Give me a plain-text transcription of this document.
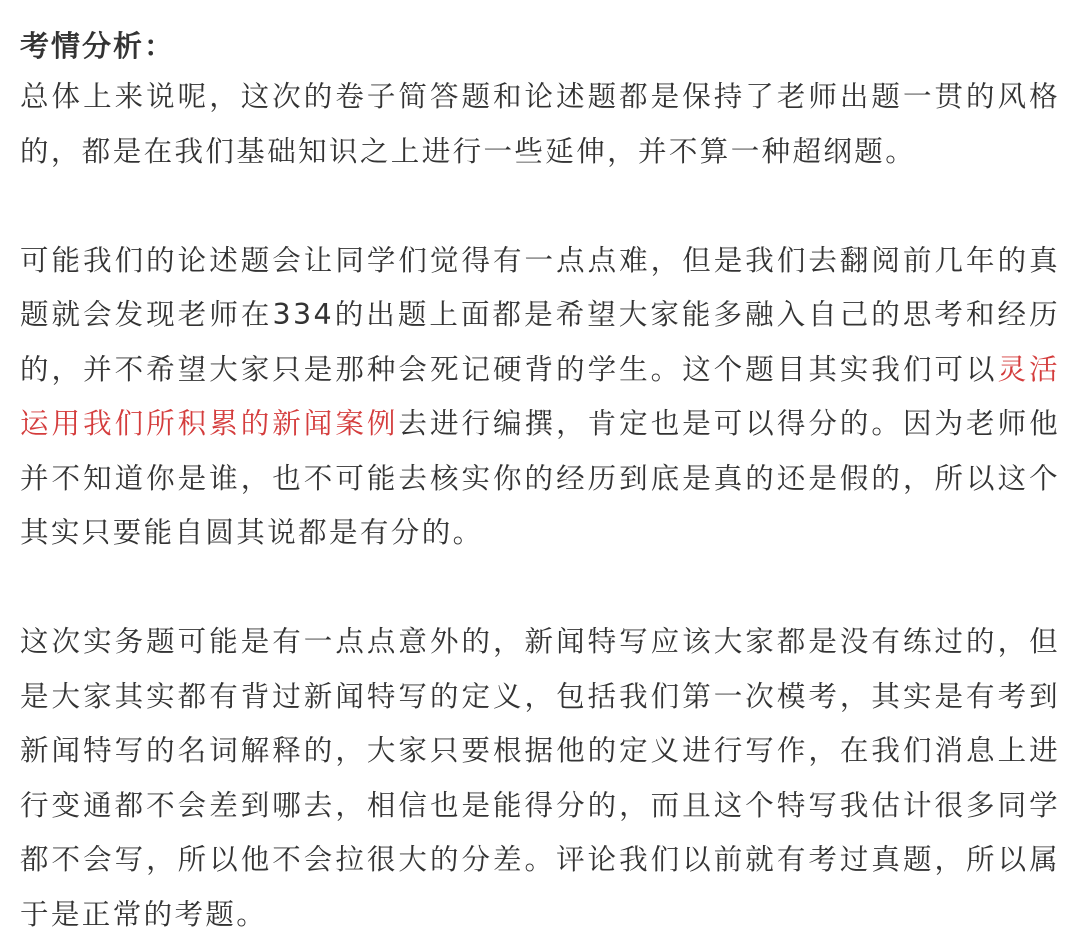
考情分析：

总体上来说呢，这次的卷子简答题和论述题都是保持了老师出题一贯的风格的，都是在我们基础知识之上进行一些延伸，并不算一种超纲题。

可能我们的论述题会让同学们觉得有一点点难，但是我们去翻阅前几年的真题就会发现老师在334的出题上面都是希望大家能多融入自己的思考和经历的，并不希望大家只是那种会死记硬背的学生。这个题目其实我们可以灵活运用我们所积累的新闻案例去进行编撰，肯定也是可以得分的。因为老师他并不知道你是谁，也不可能去核实你的经历到底是真的还是假的，所以这个其实只要能自圆其说都是有分的。

这次实务题可能是有一点点意外的，新闻特写应该大家都是没有练过的，但是大家其实都有背过新闻特写的定义，包括我们第一次模考，其实是有考到新闻特写的名词解释的，大家只要根据他的定义进行写作，在我们消息上进行变通都不会差到哪去，相信也是能得分的，而且这个特写我估计很多同学都不会写，所以他不会拉很大的分差。评论我们以前就有考过真题，所以属于是正常的考题。
